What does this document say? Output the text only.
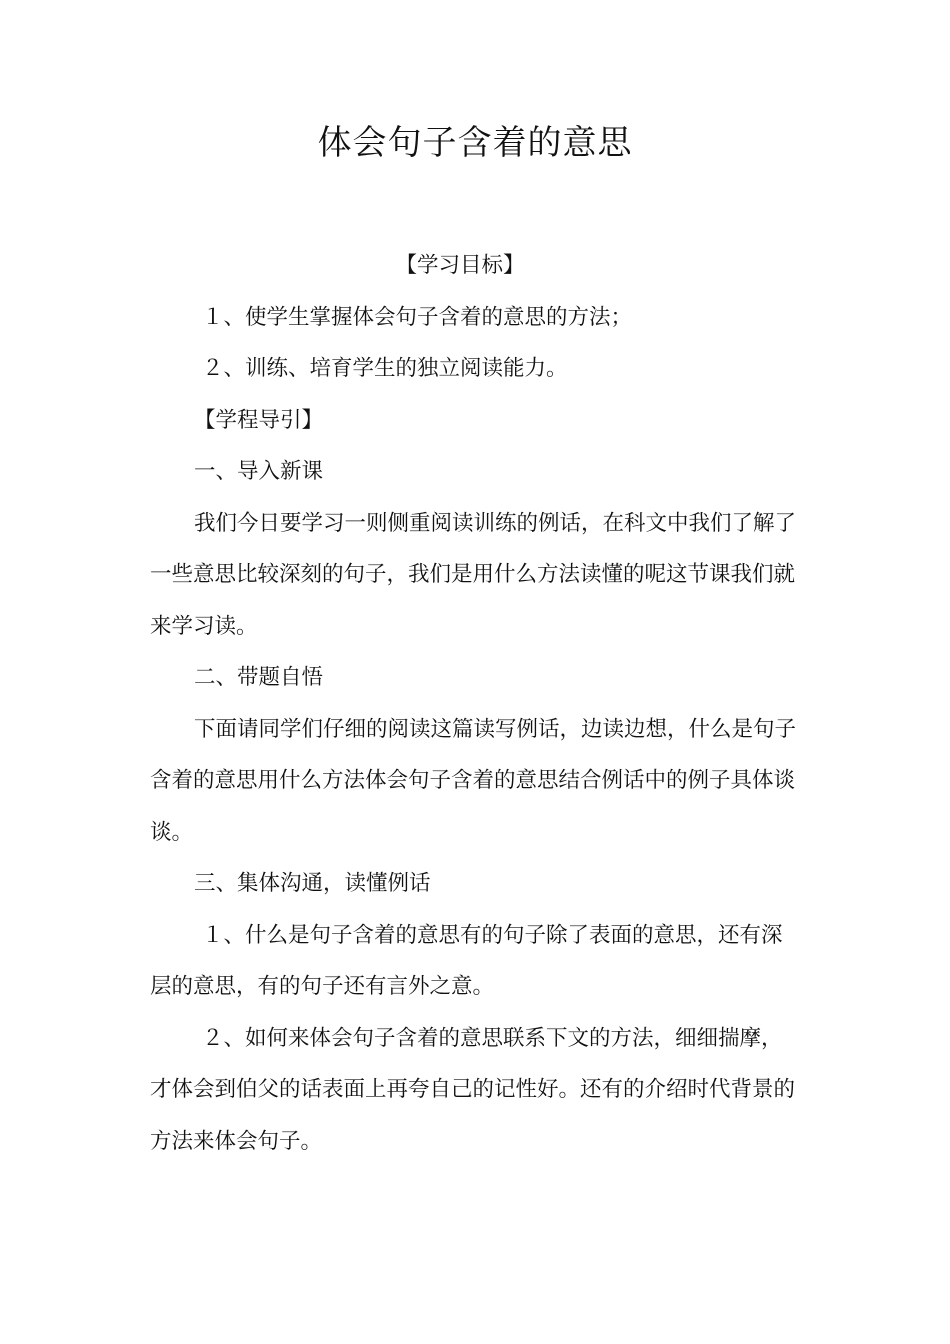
体会句子含着的意思

【学习目标】

１、使学生掌握体会句子含着的意思的方法；

２、训练、培育学生的独立阅读能力。

【学程导引】

一、导入新课

我们今日要学习一则侧重阅读训练的例话，在科文中我们了解了一些意思比较深刻的句子，我们是用什么方法读懂的呢这节课我们就来学习读。

二、带题自悟

下面请同学们仔细的阅读这篇读写例话，边读边想，什么是句子含着的意思用什么方法体会句子含着的意思结合例话中的例子具体谈谈。

三、集体沟通，读懂例话

１、什么是句子含着的意思有的句子除了表面的意思，还有深层的意思，有的句子还有言外之意。

２、如何来体会句子含着的意思联系下文的方法，细细揣摩，才体会到伯父的话表面上再夸自己的记性好。还有的介绍时代背景的方法来体会句子。
